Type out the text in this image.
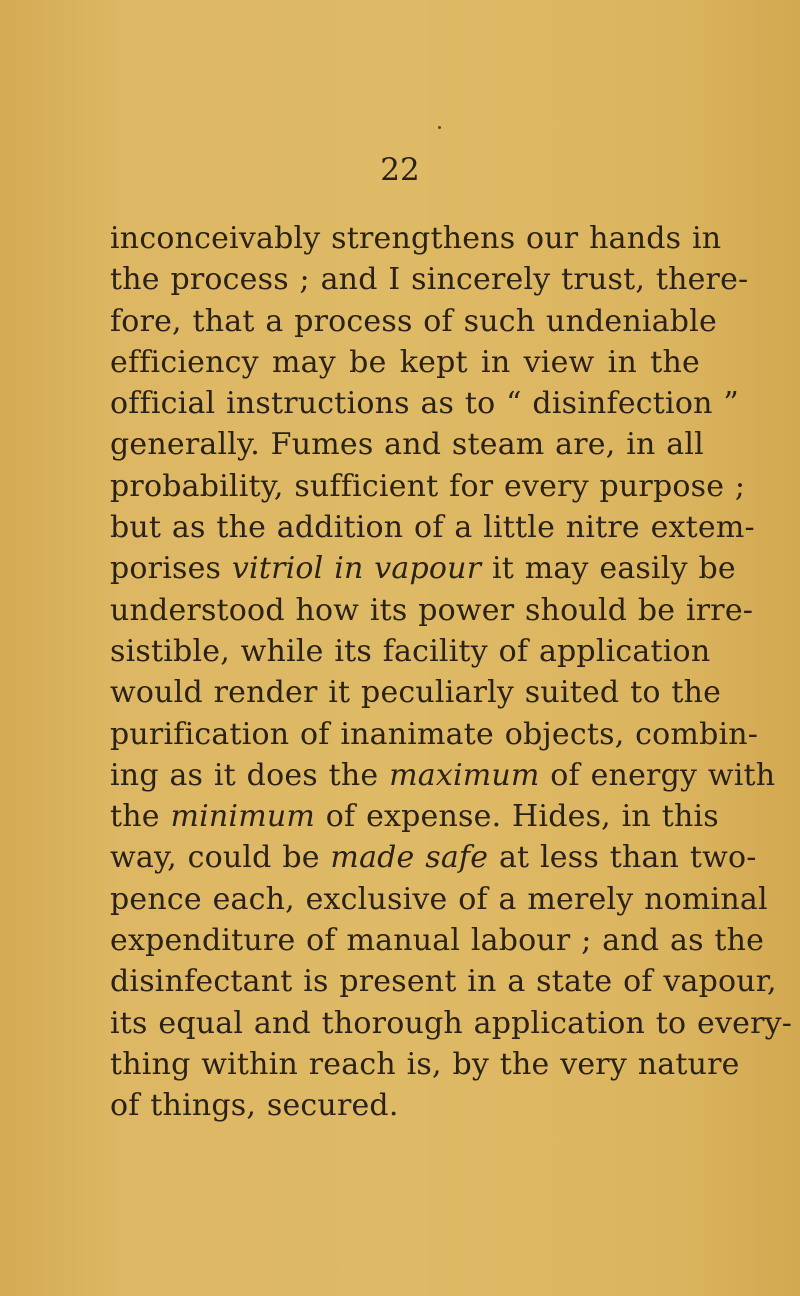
22
inconceivably strengthens our hands in
the process ; and I sincerely trust, there-
fore, that a process of such undeniable
efficiency may be kept in view in the
official instructions as to “ disinfection ”
generally. Fumes and steam are, in all
probability, sufficient for every purpose ;
but as the addition of a little nitre extem-
porises vitriol in vapour it may easily be
understood how its power should be irre-
sistible, while its facility of application
would render it peculiarly suited to the
purification of inanimate objects, combin-
ing as it does the maximum of energy with
the minimum of expense. Hides, in this
way, could be made safe at less than two-
pence each, exclusive of a merely nominal
expenditure of manual labour ; and as the
disinfectant is present in a state of vapour,
its equal and thorough application to every-
thing within reach is, by the very nature
of things, secured.
